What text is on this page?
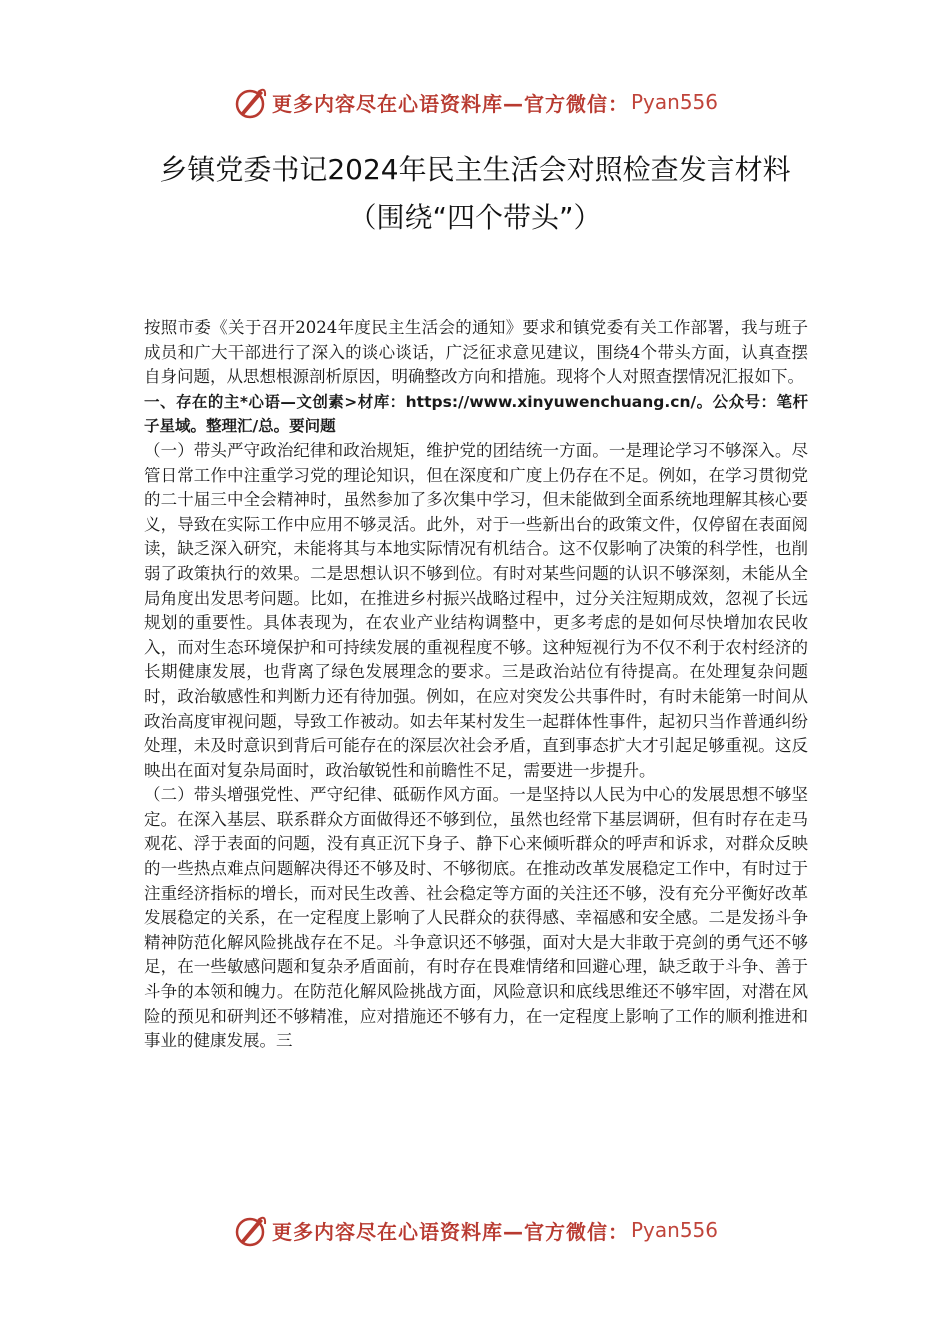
更多内容尽在心语资料库—官方微信： Pyan556
乡镇党委书记2024年民主生活会对照检查发言材料
（围绕“四个带头”）

按照市委《关于召开2024年度民主生活会的通知》要求和镇党委有关工作部署，我与班子成员和广大干部进行了深入的谈心谈话，广泛征求意见建议，围绕4个带头方面，认真查摆自身问题，从思想根源剖析原因，明确整改方向和措施。现将个人对照查摆情况汇报如下。

一、存在的主*心语—文创素>材库：https://www.xinyuwenchuang.cn/。公众号：笔杆子星域。整理汇/总。要问题

（一）带头严守政治纪律和政治规矩，维护党的团结统一方面。一是理论学习不够深入。尽管日常工作中注重学习党的理论知识，但在深度和广度上仍存在不足。例如，在学习贯彻党的二十届三中全会精神时，虽然参加了多次集中学习，但未能做到全面系统地理解其核心要义，导致在实际工作中应用不够灵活。此外，对于一些新出台的政策文件，仅停留在表面阅读，缺乏深入研究，未能将其与本地实际情况有机结合。这不仅影响了决策的科学性，也削弱了政策执行的效果。二是思想认识不够到位。有时对某些问题的认识不够深刻，未能从全局角度出发思考问题。比如，在推进乡村振兴战略过程中，过分关注短期成效，忽视了长远规划的重要性。具体表现为，在农业产业结构调整中，更多考虑的是如何尽快增加农民收入，而对生态环境保护和可持续发展的重视程度不够。这种短视行为不仅不利于农村经济的长期健康发展，也背离了绿色发展理念的要求。三是政治站位有待提高。在处理复杂问题时，政治敏感性和判断力还有待加强。例如，在应对突发公共事件时，有时未能第一时间从政治高度审视问题，导致工作被动。如去年某村发生一起群体性事件，起初只当作普通纠纷处理，未及时意识到背后可能存在的深层次社会矛盾，直到事态扩大才引起足够重视。这反映出在面对复杂局面时，政治敏锐性和前瞻性不足，需要进一步提升。

（二）带头增强党性、严守纪律、砥砺作风方面。一是坚持以人民为中心的发展思想不够坚定。在深入基层、联系群众方面做得还不够到位，虽然也经常下基层调研，但有时存在走马观花、浮于表面的问题，没有真正沉下身子、静下心来倾听群众的呼声和诉求，对群众反映的一些热点难点问题解决得还不够及时、不够彻底。在推动改革发展稳定工作中，有时过于注重经济指标的增长，而对民生改善、社会稳定等方面的关注还不够，没有充分平衡好改革发展稳定的关系，在一定程度上影响了人民群众的获得感、幸福感和安全感。二是发扬斗争精神防范化解风险挑战存在不足。斗争意识还不够强，面对大是大非敢于亮剑的勇气还不够足，在一些敏感问题和复杂矛盾面前，有时存在畏难情绪和回避心理，缺乏敢于斗争、善于斗争的本领和魄力。在防范化解风险挑战方面，风险意识和底线思维还不够牢固，对潜在风险的预见和研判还不够精准，应对措施还不够有力，在一定程度上影响了工作的顺利推进和事业的健康发展。三

更多内容尽在心语资料库—官方微信： Pyan556
